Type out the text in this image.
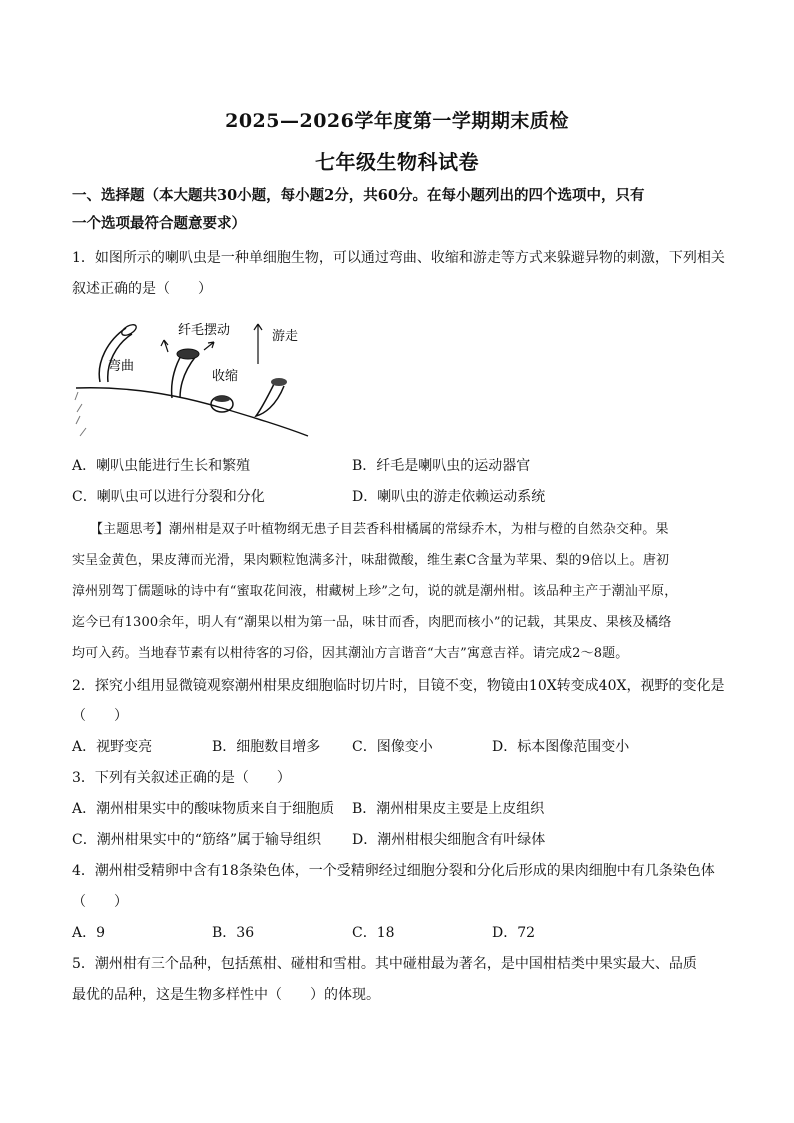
2025—2026学年度第一学期期末质检
七年级生物科试卷
一、选择题（本大题共30小题，每小题2分，共60分。在每小题列出的四个选项中，只有
一个选项最符合题意要求）
1．如图所示的喇叭虫是一种单细胞生物，可以通过弯曲、收缩和游走等方式来躲避异物的刺激，下列相关
叙述正确的是（　　）
弯曲
纤毛摆动
收缩
游走
A．喇叭虫能进行生长和繁殖	B．纤毛是喇叭虫的运动器官
C．喇叭虫可以进行分裂和分化	D．喇叭虫的游走依赖运动系统
【主题思考】潮州柑是双子叶植物纲无患子目芸香科柑橘属的常绿乔木，为柑与橙的自然杂交种。果
实呈金黄色，果皮薄而光滑，果肉颗粒饱满多汁，味甜微酸，维生素C含量为苹果、梨的9倍以上。唐初
漳州别驾丁儒题咏的诗中有“蜜取花间液，柑藏树上珍”之句，说的就是潮州柑。该品种主产于潮汕平原，
迄今已有1300余年，明人有“潮果以柑为第一品，味甘而香，肉肥而核小”的记载，其果皮、果核及橘络
均可入药。当地春节素有以柑待客的习俗，因其潮汕方言谐音“大吉”寓意吉祥。请完成2～8题。
2．探究小组用显微镜观察潮州柑果皮细胞临时切片时，目镜不变，物镜由10X转变成40X，视野的变化是
（　　）
A．视野变亮	B．细胞数目增多 C．图像变小	D．标本图像范围变小
3．下列有关叙述正确的是（　　）
A．潮州柑果实中的酸味物质来自于细胞质 B．潮州柑果皮主要是上皮组织
C．潮州柑果实中的“筋络”属于输导组织 D．潮州柑根尖细胞含有叶绿体
4．潮州柑受精卵中含有18条染色体，一个受精卵经过细胞分裂和分化后形成的果肉细胞中有几条染色体
（　　）
A．9	B．36	C．18	D．72
5．潮州柑有三个品种，包括蕉柑、碰柑和雪柑。其中碰柑最为著名，是中国柑桔类中果实最大、品质
最优的品种，这是生物多样性中（　　）的体现。
